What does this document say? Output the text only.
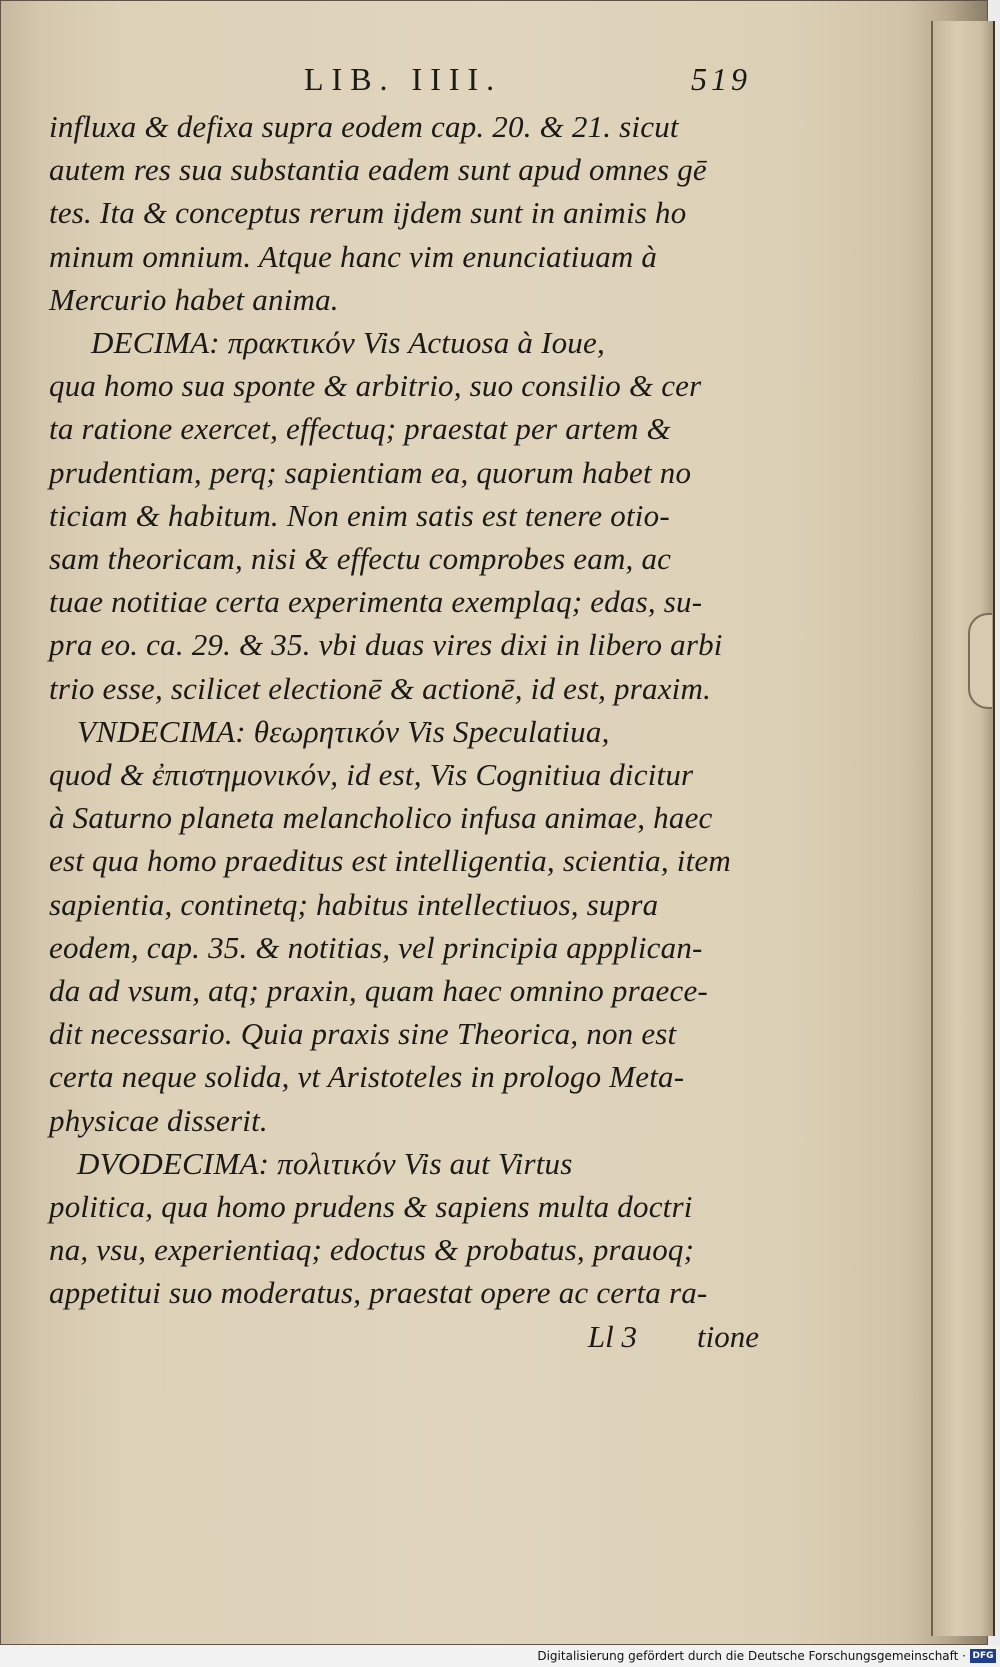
LIB. IIII.	519
influxa & defixa supra eodem cap. 20. & 21. sicut
autem res sua substantia eadem sunt apud omnes gē
tes. Ita & conceptus rerum ijdem sunt in animis ho
minum omnium. Atque hanc vim enunciatiuam à
Mercurio habet anima.
DECIMA: πρακτικόν Vis Actuosa à Ioue,
qua homo sua sponte & arbitrio, suo consilio & cer
ta ratione exercet, effectuq; praestat per artem &
prudentiam, perq; sapientiam ea, quorum habet no
ticiam & habitum. Non enim satis est tenere otio-
sam theoricam, nisi & effectu comprobes eam, ac
tuae notitiae certa experimenta exemplaq; edas, su-
pra eo. ca. 29. & 35. vbi duas vires dixi in libero arbi
trio esse, scilicet electionē & actionē, id est, praxim.
VNDECIMA: θεωρητικόν Vis Speculatiua,
quod & ἐπιστημονικόν, id est, Vis Cognitiua dicitur
à Saturno planeta melancholico infusa animae, haec
est qua homo praeditus est intelligentia, scientia, item
sapientia, continetq; habitus intellectiuos, supra
eodem, cap. 35. & notitias, vel principia appplican-
da ad vsum, atq; praxin, quam haec omnino praece-
dit necessario. Quia praxis sine Theorica, non est
certa neque solida, vt Aristoteles in prologo Meta-
physicae disserit.
DVODECIMA: πολιτικόν Vis aut Virtus
politica, qua homo prudens & sapiens multa doctri
na, vsu, experientiaq; edoctus & probatus, prauoq;
appetitui suo moderatus, praestat opere ac certa ra-
Ll 3 tione
Digitalisierung gefördert durch die Deutsche Forschungsgemeinschaft · DFG
